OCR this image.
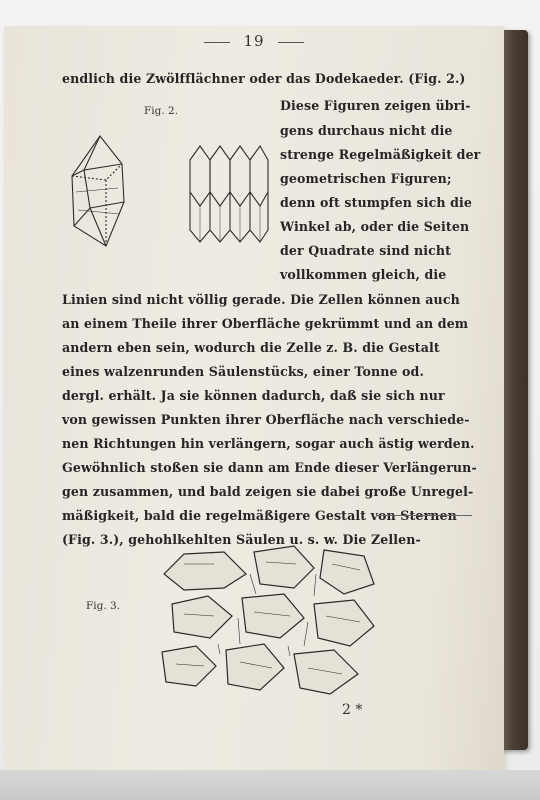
19
endlich die Zwölfflächner oder das Dodekaeder. (Fig. 2.)
Fig. 2.	Diese Figuren zeigen übri-
gens durchaus nicht die
strenge Regelmäßigkeit der
geometrischen Figuren;
denn oft stumpfen sich die
Winkel ab, oder die Seiten
der Quadrate sind nicht
vollkommen gleich, die
Linien sind nicht völlig gerade. Die Zellen können auch
an einem Theile ihrer Oberfläche gekrümmt und an dem
andern eben sein, wodurch die Zelle z. B. die Gestalt
eines walzenrunden Säulenstücks, einer Tonne od.
dergl. erhält. Ja sie können dadurch, daß sie sich nur
von gewissen Punkten ihrer Oberfläche nach verschiede-
nen Richtungen hin verlängern, sogar auch ästig werden.
Gewöhnlich stoßen sie dann am Ende dieser Verlängerun-
gen zusammen, und bald zeigen sie dabei große Unregel-
mäßigkeit, bald die regelmäßigere Gestalt von Sternen
(Fig. 3.), gehohlkehlten Säulen u. s. w. Die Zellen-
Fig. 3.
2 *
